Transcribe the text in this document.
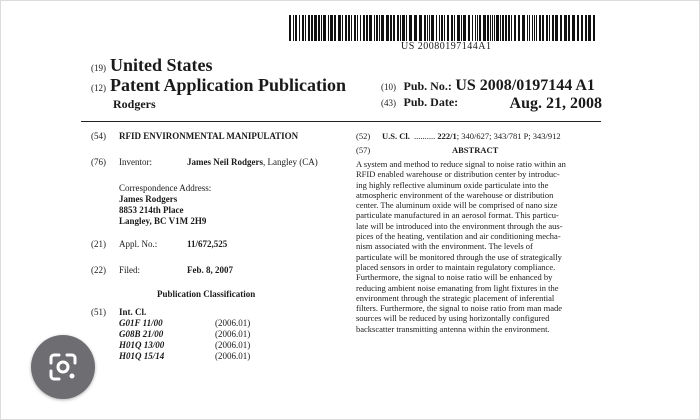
US 20080197144A1
(19) United States
(12) Patent Application Publication
Rodgers
(10) Pub. No.: US 2008/0197144 A1
(43) Pub. Date:	Aug. 21, 2008
(54) RFID ENVIRONMENTAL MANIPULATION
(76) Inventor:	James Neil Rodgers, Langley (CA)
Correspondence Address:
James Rodgers
8853 214th Place
Langley, BC V1M 2H9
(21) Appl. No.:	11/672,525
(22) Filed:	Feb. 8, 2007
Publication Classification
(51) Int. Cl.
G01F 11/00	(2006.01)
G08B 21/00	(2006.01)
H01Q 13/00	(2006.01)
H01Q 15/14	(2006.01)
(52) U.S. Cl. .......... 222/1; 340/627; 343/781 P; 343/912
(57)	ABSTRACT
A system and method to reduce signal to noise ratio within an
RFID enabled warehouse or distribution center by introduc-
ing highly reflective aluminum oxide particulate into the
atmospheric environment of the warehouse or distribution
center. The aluminum oxide will be comprised of nano size
particulate manufactured in an aerosol format. This particu-
late will be introduced into the environment through the aus-
pices of the heating, ventilation and air conditioning mecha-
nism associated with the environment. The levels of
particulate will be monitored through the use of strategically
placed sensors in order to maintain regulatory compliance.
Furthermore, the signal to noise ratio will be enhanced by
reducing ambient noise emanating from light fixtures in the
environment through the strategic placement of inferential
filters. Furthermore, the signal to noise ratio from man made
sources will be reduced by using horizontally configured
backscatter transmitting antenna within the environment.
